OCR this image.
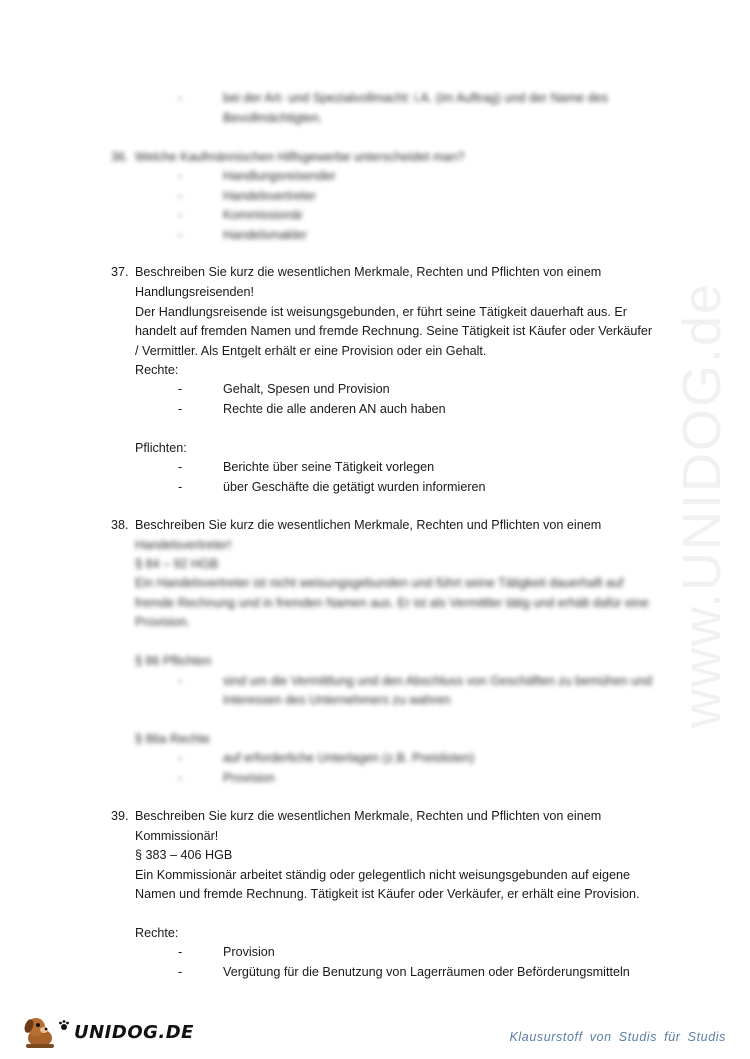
www.UNIDOG.de
-	bei der Art- und Spezialvollmacht: i.A. (im Auftrag) und der Name des
Bevollmächtigten.
36. Welche Kaufmännischen Hilfsgewerbe unterscheidet man?
-	Handlungsreisender
-	Handelsvertreter
-	Kommissionär
-	Handelsmakler
37. Beschreiben Sie kurz die wesentlichen Merkmale, Rechten und Pflichten von einem
Handlungsreisenden!
Der Handlungsreisende ist weisungsgebunden, er führt seine Tätigkeit dauerhaft aus. Er
handelt auf fremden Namen und fremde Rechnung. Seine Tätigkeit ist Käufer oder Verkäufer
/ Vermittler. Als Entgelt erhält er eine Provision oder ein Gehalt.
Rechte:
-	Gehalt, Spesen und Provision
-	Rechte die alle anderen AN auch haben
Pflichten:
-	Berichte über seine Tätigkeit vorlegen
-	über Geschäfte die getätigt wurden informieren
38. Beschreiben Sie kurz die wesentlichen Merkmale, Rechten und Pflichten von einem
Handelsvertreter!
§ 84 – 92 HGB
Ein Handelsvertreter ist nicht weisungsgebunden und führt seine Tätigkeit dauerhaft auf
fremde Rechnung und in fremden Namen aus. Er ist als Vermittler tätig und erhält dafür eine
Provision.
§ 86 Pflichten
-	sind um die Vermittlung und den Abschluss von Geschäften zu bemühen und
Interessen des Unternehmers zu wahren
§ 86a Rechte
-	auf erforderliche Unterlagen (z.B. Preislisten)
-	Provision
39. Beschreiben Sie kurz die wesentlichen Merkmale, Rechten und Pflichten von einem
Kommissionär!
§ 383 – 406 HGB
Ein Kommissionär arbeitet ständig oder gelegentlich nicht weisungsgebunden auf eigene
Namen und fremde Rechnung. Tätigkeit ist Käufer oder Verkäufer, er erhält eine Provision.
Rechte:
-	Provision
-	Vergütung für die Benutzung von Lagerräumen oder Beförderungsmitteln
UNIDOG.DE	Klausurstoff von Studis für Studis
